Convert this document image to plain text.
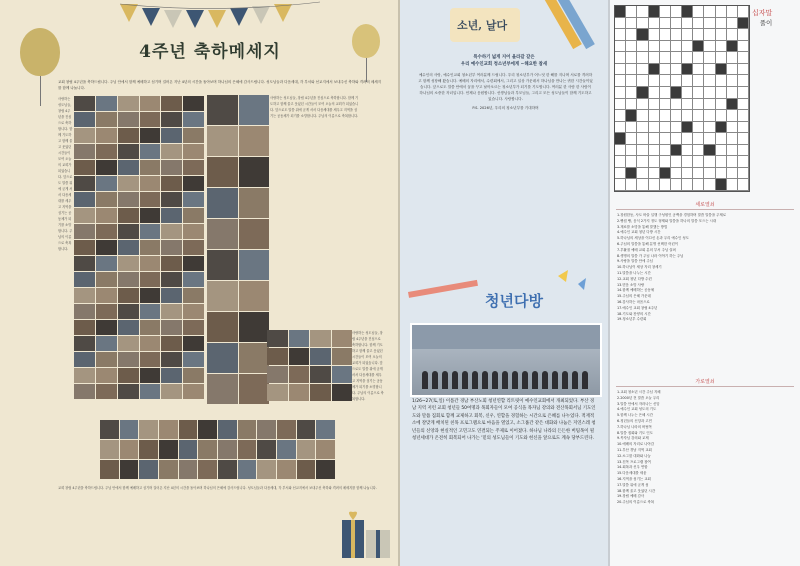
4주년 축하메세지
교회 창립 4주년을 축하드립니다. 주님 안에서 함께 예배하고 섬기며 걸어온 지난 4년의 시간을 돌아보며 하나님의 은혜에 감사드립니다. 성도님들과 다음세대, 각 부서와 선교지에서 보내주신 축하와 격려의 메세지를 함께 나눕니다.
사랑하는 성도님들, 창립 4주년을 진심으로 축하합니다. 함께 기도하고 함께 울고 웃었던 시간들이 모여 오늘의 교회가 되었습니다. 앞으로도 말씀 위에 굳게 서서 다음세대를 세우고 지역을 섬기는 공동체가 되기를 소망합니다. 주님의 이름으로 축복합니다.
사랑하는 성도님들, 창립 4주년을 진심으로 축하합니다. 함께 기도하고 함께 울고 웃었던 시간들이 모여 오늘의 교회가 되었습니다. 앞으로도 말씀 위에 굳게 서서 다음세대를 세우고 지역을 섬기는 공동체가 되기를 소망합니다. 주님의 이름으로 축복합니다.
사랑하는 성도님들, 창립 4주년을 진심으로 축하합니다. 함께 기도하고 함께 울고 웃었던 시간들이 모여 오늘의 교회가 되었습니다. 앞으로도 말씀 위에 굳게 서서 다음세대를 세우고 지역을 섬기는 공동체가 되기를 소망합니다. 주님의 이름으로 축복합니다.
교회 창립 4주년을 축하드립니다. 주님 안에서 함께 예배하고 섬기며 걸어온 지난 4년의 시간을 돌아보며 하나님의 은혜에 감사드립니다. 성도님들과 다음세대, 각 부서와 선교지에서 보내주신 축하와 격려의 메세지를 함께 나눕니다.
소년, 날다
특수하기 넓게 지어 올라갈 같은
우리 예수인교회 청소년부에게 ~해요한 참새
예수인의 사랑, 예수인교회 청소년부 여러분께 드립니다. 우리 청소년부가 어느덧 한 해를 지나며 서로를 격려하고 함께 성장해 왔습니다. 예배의 자리에서, 수련회에서, 그리고 일상 가운데서 하나님을 만나는 귀한 시간들이었습니다. 앞으로도 말씀 안에서 꿈을 꾸고 날아오르는 청소년부가 되기를 기도합니다. 여러분 한 사람 한 사람이 하나님의 소중한 자녀입니다. 언제나 응원합니다. 선생님들과 부모님들, 그리고 모든 성도님들이 함께 기도하고 있습니다. 사랑합니다.
P.S. 2026년, 우리의 청소년부를 기대하며
청년다방
1/26~27(토,일) 이틀간 경남 부산노회 청년연합 리트릿이 예수인교회에서 개최되었다. 부산 경남 지역 저런 교회 청년들 50여명과 목회자들이 모여 공식을 목자님 강의와 전산목회서님 기도인도와 말씀 집회로 함께 교제하고 회복, 신우, 연합을 경험하는 시간으로 은혜를 나누었다. 적재적소에 잘맞게 배치된 친목 프로그램으로 마음을 열었고, 소그룹간 같은 대화와 나눔은 지연스레 청년들의 신앙과 현실적인 고민고도 연결되는 주제로 이어졌다. 하나님 나라의 든든한 버팀목이 될 청년세대가 온전히 회복되어 나가는 '믿의 성도님들이 기도와 헌신을 앞으로도 계속 당부드린다.
십자말
풀이
세로열쇠
1.창원한동, 사도 바울 일행 구성원인 공백을 경험하며 말씀 말씀을 주제로
2.빵집 빵, 음식 2가지 정도 형제와 말씀을 하나의 말씀 모으는 시대
3.재료를 소망을 통해 말했는 방법
4.예수인 교회 청년 다방 시간
5.하나님의 세상을 이끄신 손과 우리 예수인 성도
6.주님의 말씀을 통해 분명 선택한 어린이
7.부활절 예배 교회 분의 부서 주님 살펴
8.생명의 말씀 가 주님 나라 이야기 하는 주님
9.사랑을 말씀 안에 주님
10.하나님이 세상 자리 창세기
11.말씀을 나누는 시간
12.교회 청년 다방 수련
13.믿음 소망 사랑
14.함께 예배하는 공동체
15.주님의 은혜 가운데
16.감사하는 마음으로
17.예수인 교회 창립 4주년
18.기도와 찬양의 시간
19.청소년부 수련회
가로열쇠
1.교회 청소년 시간 주님 지혜
2.2000년 전 말씀 오늘 우리
3.말씀 안에서 자라나는 신앙
4.예수인 교회 성도의 기도
5.함께 나누는 은혜 시간
6.청년들의 신앙과 고민
7.하나님 나라의 버팀목
8.말씀 집회와 기도 인도
9.목자님 강의와 교제
10.예배의 자리로 나아감
11.부산 경남 지역 교회
12.소그룹 대화와 나눔
13.친목 프로그램 참여
14.회복과 신우 연합
15.다음세대를 세움
16.지역을 섬기는 교회
17.말씀 위에 굳게 섬
18.함께 울고 웃었던 시간
19.창립 예배 감사
20.주님의 이름으로 축복
